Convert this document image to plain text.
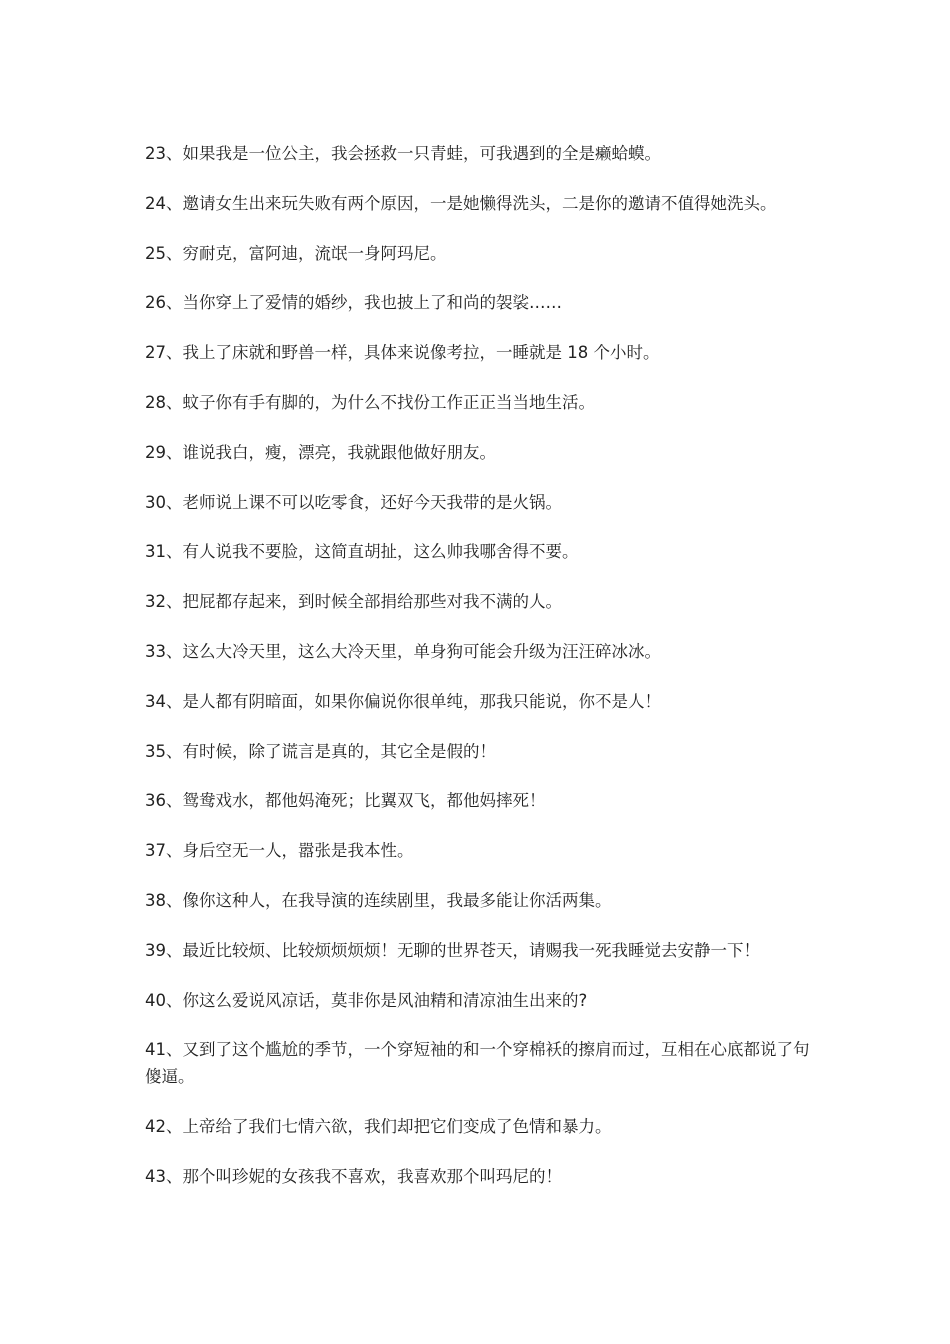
23、如果我是一位公主，我会拯救一只青蛙，可我遇到的全是癞蛤蟆。

24、邀请女生出来玩失败有两个原因，一是她懒得洗头，二是你的邀请不值得她洗头。

25、穷耐克，富阿迪，流氓一身阿玛尼。

26、当你穿上了爱情的婚纱，我也披上了和尚的袈裟……

27、我上了床就和野兽一样，具体来说像考拉，一睡就是 18 个小时。

28、蚊子你有手有脚的，为什么不找份工作正正当当地生活。

29、谁说我白，瘦，漂亮，我就跟他做好朋友。

30、老师说上课不可以吃零食，还好今天我带的是火锅。

31、有人说我不要脸，这简直胡扯，这么帅我哪舍得不要。

32、把屁都存起来，到时候全部捐给那些对我不满的人。

33、这么大冷天里，这么大冷天里，单身狗可能会升级为汪汪碎冰冰。

34、是人都有阴暗面，如果你偏说你很单纯，那我只能说，你不是人！

35、有时候，除了谎言是真的，其它全是假的！

36、鸳鸯戏水，都他妈淹死；比翼双飞，都他妈摔死！

37、身后空无一人，嚣张是我本性。

38、像你这种人，在我导演的连续剧里，我最多能让你活两集。

39、最近比较烦、比较烦烦烦烦！无聊的世界苍天，请赐我一死我睡觉去安静一下！

40、你这么爱说风凉话，莫非你是风油精和清凉油生出来的?

41、又到了这个尴尬的季节，一个穿短袖的和一个穿棉袄的擦肩而过，互相在心底都说了句傻逼。

42、上帝给了我们七情六欲，我们却把它们变成了色情和暴力。

43、那个叫珍妮的女孩我不喜欢，我喜欢那个叫玛尼的！
